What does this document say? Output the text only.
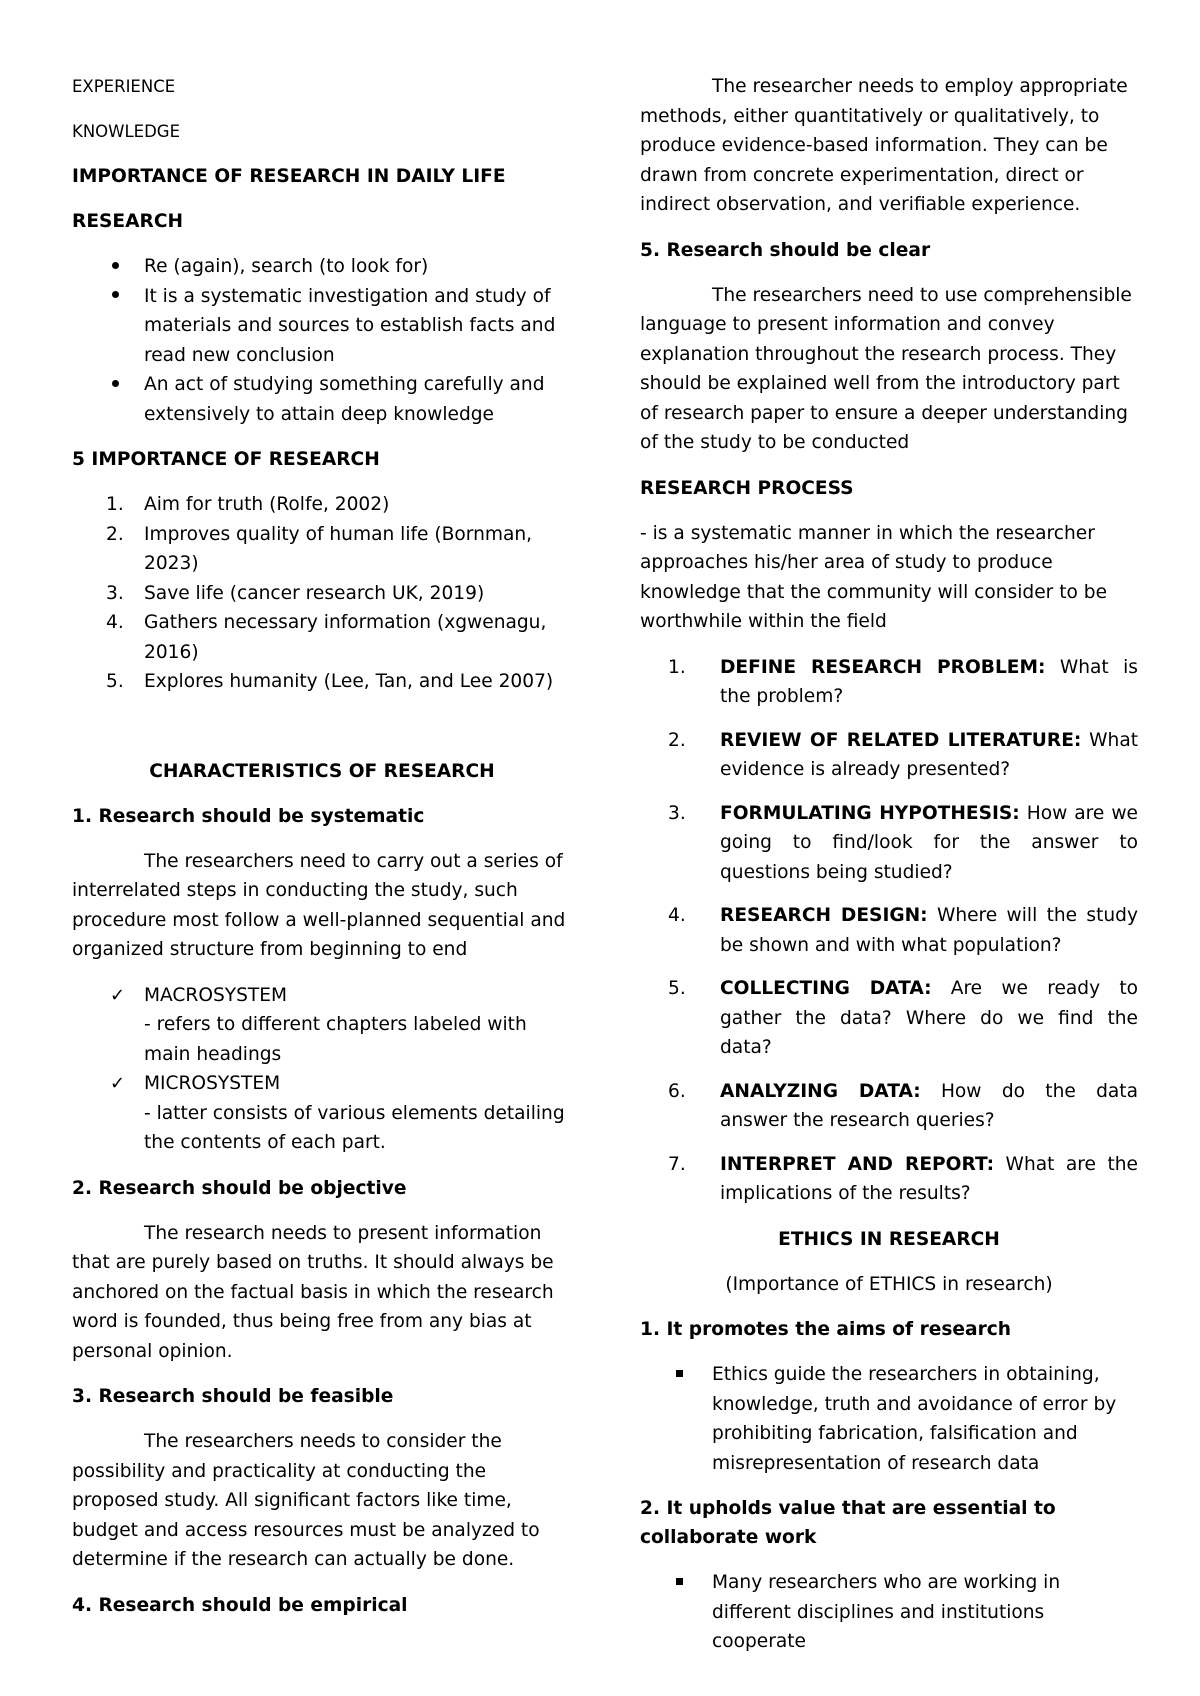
EXPERIENCE

KNOWLEDGE

IMPORTANCE OF RESEARCH IN DAILY LIFE
RESEARCH
Re (again), search (to look for)
It is a systematic investigation and study of materials and sources to establish facts and read new conclusion
An act of studying something carefully and extensively to attain deep knowledge
5 IMPORTANCE OF RESEARCH
1. Aim for truth (Rolfe, 2002)
2. Improves quality of human life (Bornman, 2023)
3. Save life (cancer research UK, 2019)
4. Gathers necessary information (xgwenagu, 2016)
5. Explores humanity (Lee, Tan, and Lee 2007)
CHARACTERISTICS OF RESEARCH
1. Research should be systematic

The researchers need to carry out a series of interrelated steps in conducting the study, such procedure most follow a well-planned sequential and organized structure from beginning to end

✓ MACROSYSTEM
- refers to different chapters labeled with main headings
✓ MICROSYSTEM
- latter consists of various elements detailing the contents of each part.
2. Research should be objective

The research needs to present information that are purely based on truths. It should always be anchored on the factual basis in which the research word is founded, thus being free from any bias at personal opinion.

3. Research should be feasible

The researchers needs to consider the possibility and practicality at conducting the proposed study. All significant factors like time, budget and access resources must be analyzed to determine if the research can actually be done.

4. Research should be empirical

The researcher needs to employ appropriate methods, either quantitatively or qualitatively, to produce evidence-based information. They can be drawn from concrete experimentation, direct or indirect observation, and verifiable experience.

5. Research should be clear

The researchers need to use comprehensible language to present information and convey explanation throughout the research process. They should be explained well from the introductory part of research paper to ensure a deeper understanding of the study to be conducted

RESEARCH PROCESS

- is a systematic manner in which the researcher approaches his/her area of study to produce knowledge that the community will consider to be worthwhile within the field

1. DEFINE RESEARCH PROBLEM: What is the problem?
2. REVIEW OF RELATED LITERATURE: What evidence is already presented?
3. FORMULATING HYPOTHESIS: How are we going to find/look for the answer to questions being studied?
4. RESEARCH DESIGN: Where will the study be shown and with what population?
5. COLLECTING DATA: Are we ready to gather the data? Where do we find the data?
6. ANALYZING DATA: How do the data answer the research queries?
7. INTERPRET AND REPORT: What are the implications of the results?
ETHICS IN RESEARCH

(Importance of ETHICS in research)

1. It promotes the aims of research
Ethics guide the researchers in obtaining, knowledge, truth and avoidance of error by prohibiting fabrication, falsification and misrepresentation of research data
2. It upholds value that are essential to collaborate work
Many researchers who are working in different disciplines and institutions cooperate
